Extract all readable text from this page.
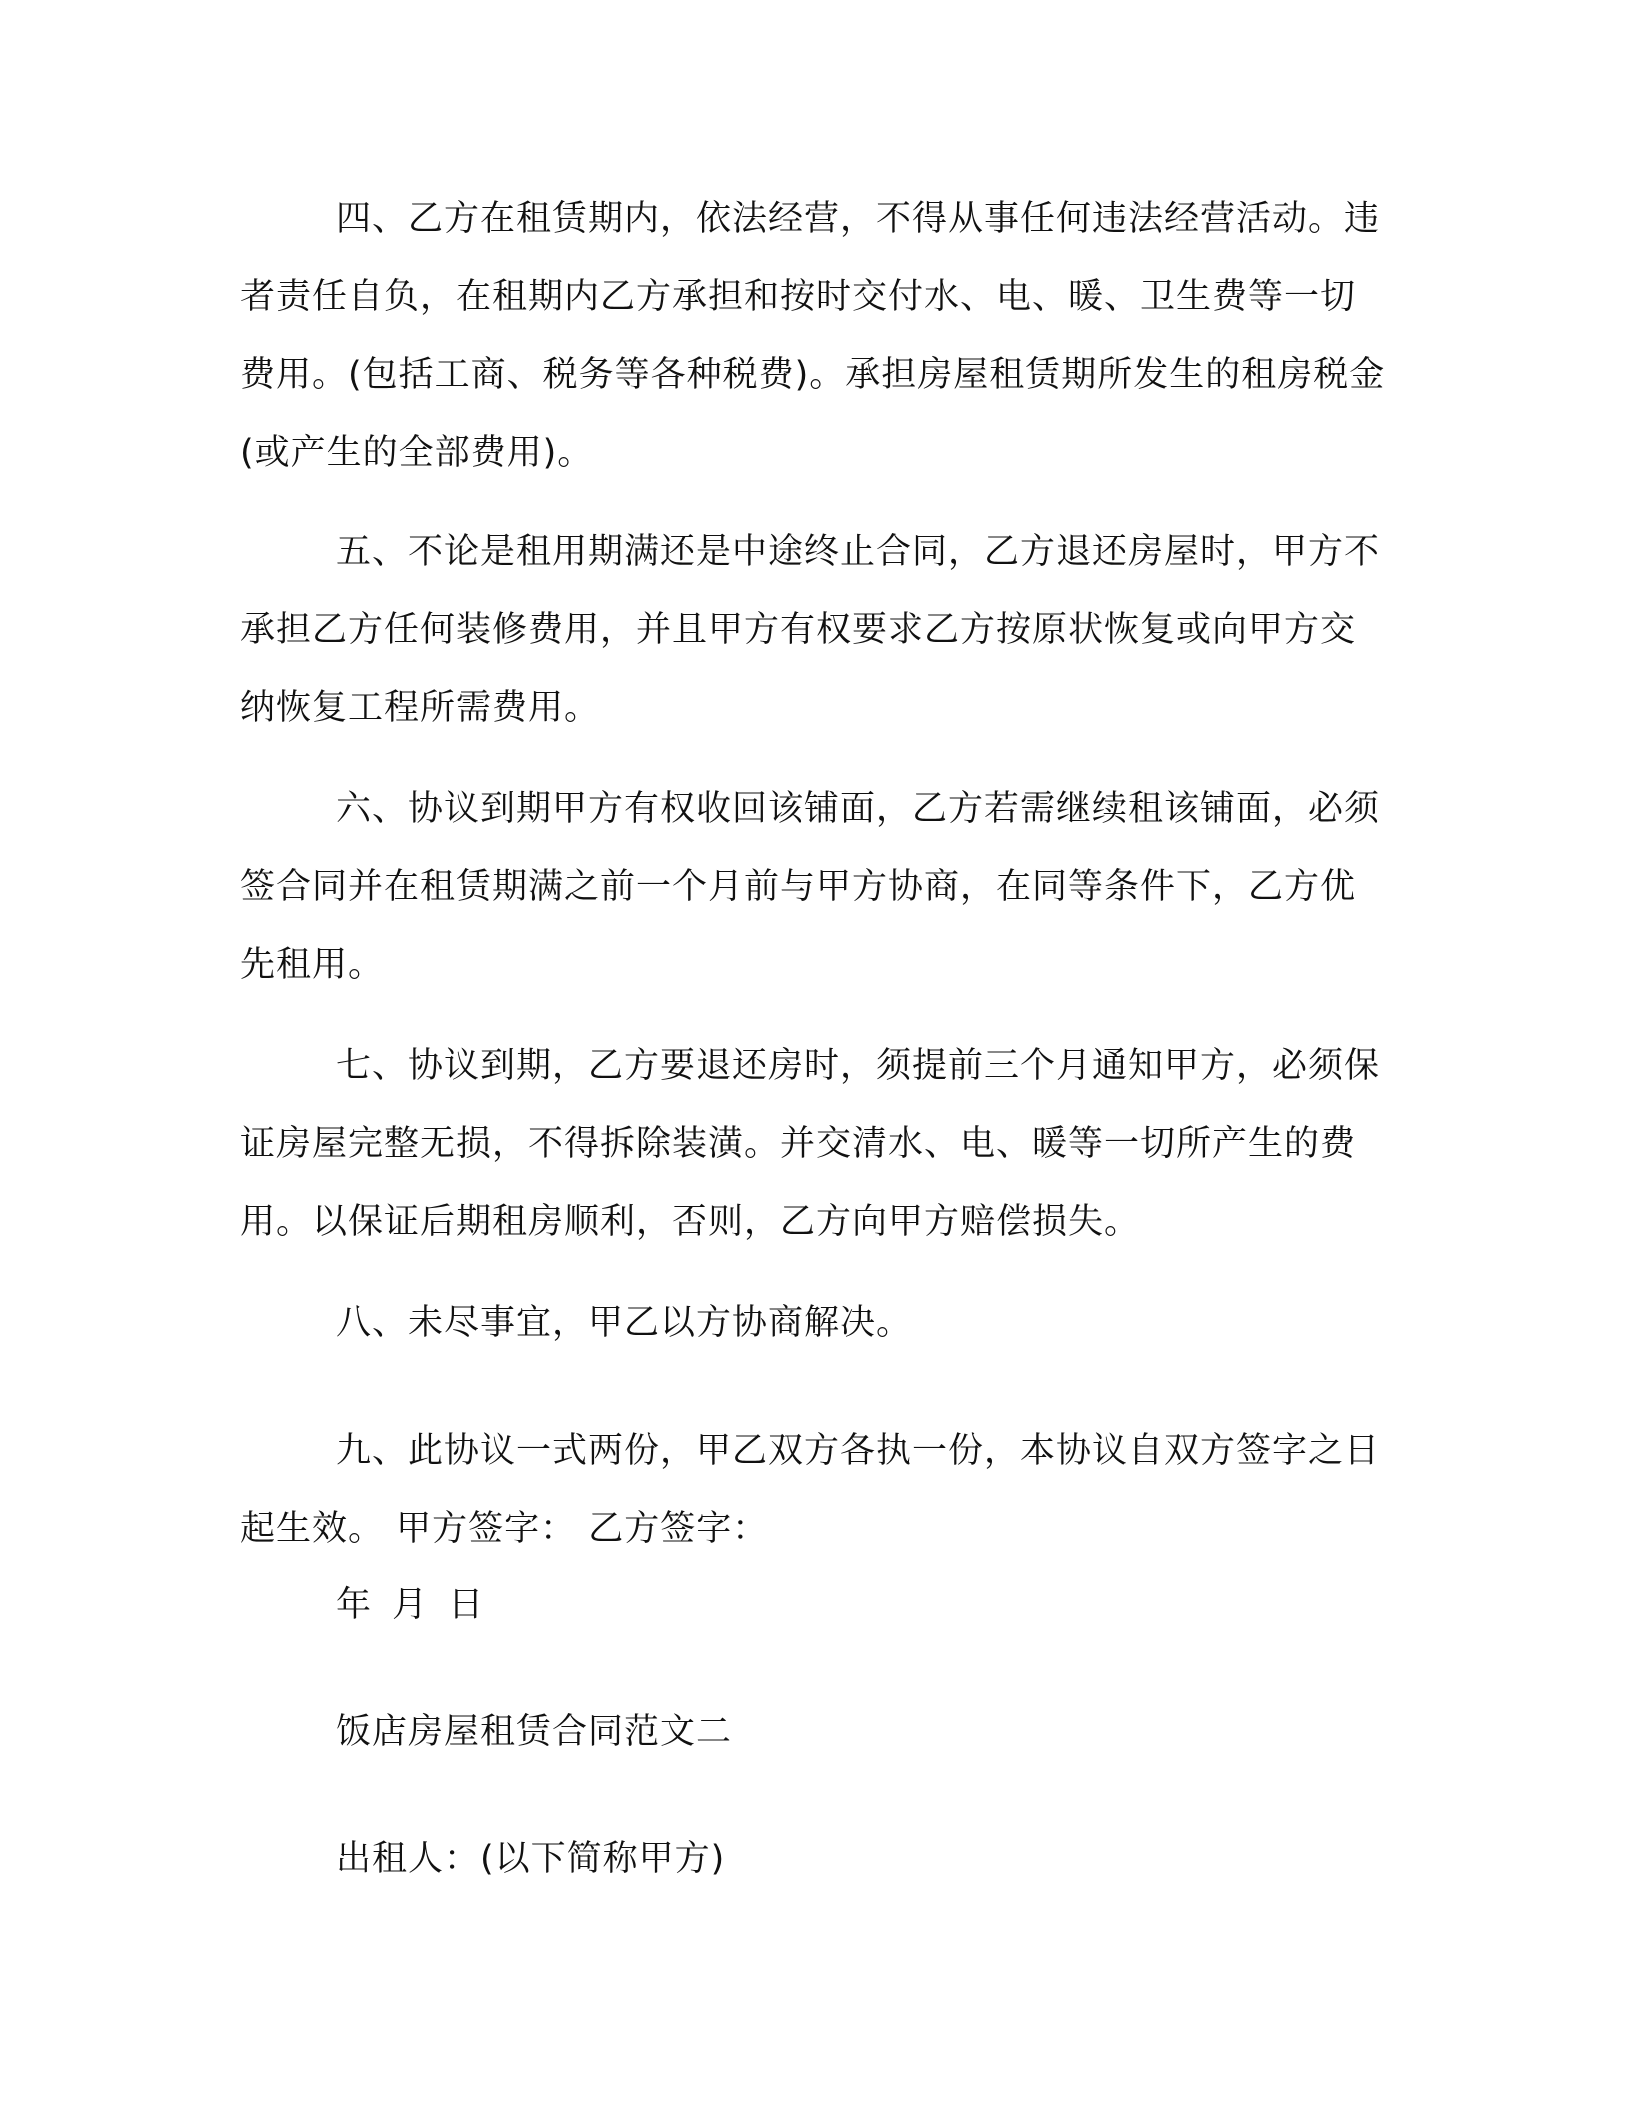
四、乙方在租赁期内，依法经营，不得从事任何违法经营活动。违者责任自负，在租期内乙方承担和按时交付水、电、暖、卫生费等一切费用。(包括工商、税务等各种税费)。承担房屋租赁期所发生的租房税金(或产生的全部费用)。

五、不论是租用期满还是中途终止合同，乙方退还房屋时，甲方不承担乙方任何装修费用，并且甲方有权要求乙方按原状恢复或向甲方交纳恢复工程所需费用。

六、协议到期甲方有权收回该铺面，乙方若需继续租该铺面，必须签合同并在租赁期满之前一个月前与甲方协商，在同等条件下，乙方优先租用。

七、协议到期，乙方要退还房时，须提前三个月通知甲方，必须保证房屋完整无损，不得拆除装潢。并交清水、电、暖等一切所产生的费用。以保证后期租房顺利，否则，乙方向甲方赔偿损失。

八、未尽事宜，甲乙以方协商解决。

九、此协议一式两份，甲乙双方各执一份，本协议自双方签字之日起生效。 甲方签字： 乙方签字：

年 月 日

饭店房屋租赁合同范文二

出租人：(以下简称甲方)
